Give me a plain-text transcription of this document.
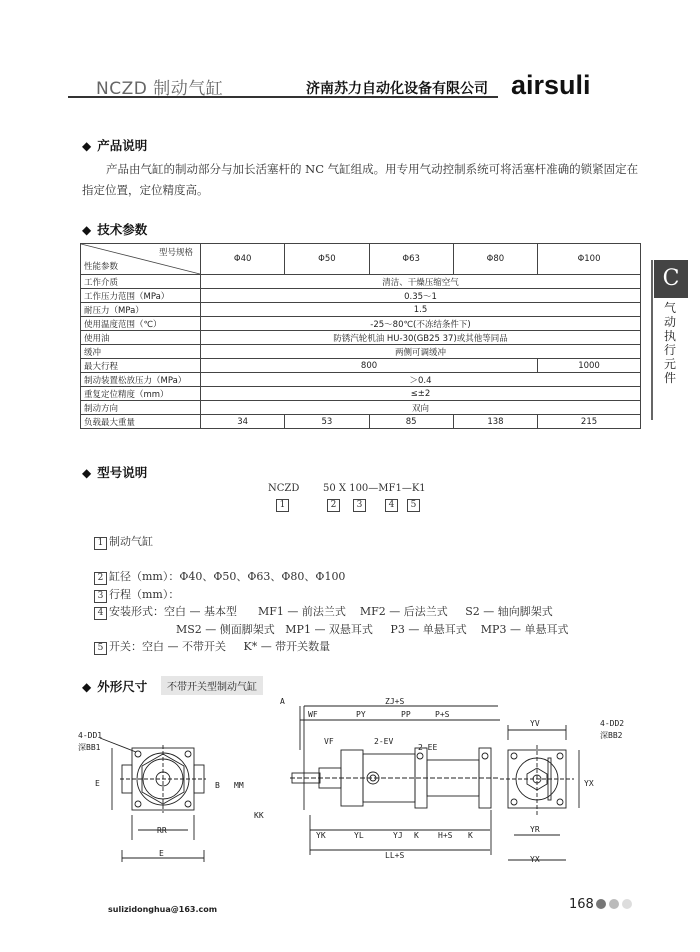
NCZD 制动气缸	济南苏力自动化设备有限公司 airsuli
C
气动执行元件
◆ 产品说明
产品由气缸的制动部分与加长活塞杆的 NC 气缸组成。用专用气动控制系统可将活塞杆准确的锁紧固定在指定位置，定位精度高。
◆ 技术参数
型号规格
性能参数	Φ40	Φ50	Φ63	Φ80	Φ100
工作介质	清洁、干燥压缩空气				
工作压力范围（MPa）	0.35～1				
耐压力（MPa）	1.5				
使用温度范围（℃）	-25～80℃(不冻结条件下)				
使用油	防锈汽轮机油 HU-30(GB25 37)或其他等同品				
缓冲	两侧可调缓冲				
最大行程	800				1000
制动装置松放压力（MPa）	＞0.4				
重复定位精度（mm）	≤±2				
制动方向	双向				
负载最大重量	34	53	85	138	215
◆ 型号说明
NCZD 50 X 100—MF1—K1
1	2	3	4	5
1 制动气缸
2 缸径（mm）：Φ40、Φ50、Φ63、Φ80、Φ100
3 行程（mm）：
4 安装形式：空白 — 基本型      MF1 — 前法兰式    MF2 — 后法兰式     S2 — 轴向脚架式
MS2 — 侧面脚架式   MP1 — 双悬耳式     P3 — 单悬耳式    MP3 — 单悬耳式
5 开关：空白 — 不带开关     K* — 带开关数量
◆ 外形尺寸	不带开关型制动气缸
4-DD1
深BB1
E
RR
E
A	ZJ+S
WF	PY	PP	P+S
VF	2-EV
2-EE
B MM
KK
YK	YL	YJ K H+S K
LL+S
YV	4-DD2
深BB2
YX
YR
YX
sulizidonghua@163.com	168
